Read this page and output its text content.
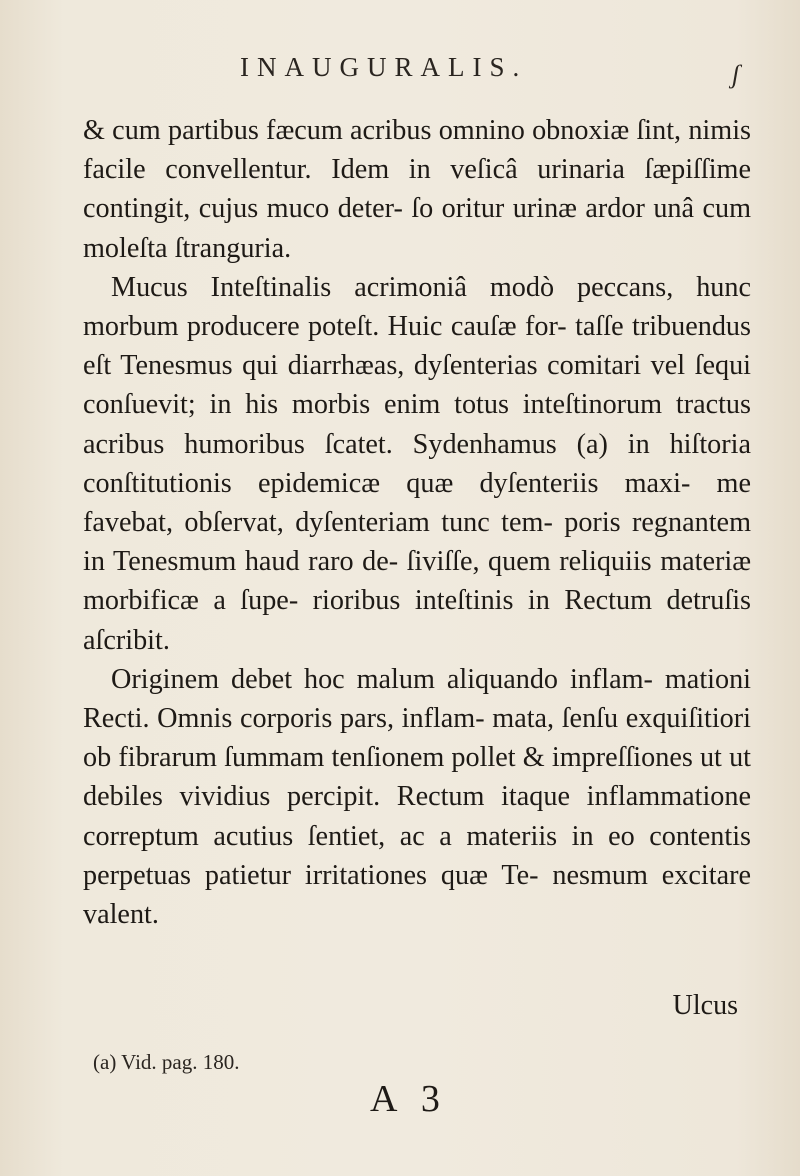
INAUGURALIS.	ʃ

& cum partibus fæcum acribus omnino obnoxiæ ſint, nimis facile convellentur. Idem in veſicâ urinaria ſæpiſſime contingit, cujus muco deter- ſo oritur urinæ ardor unâ cum moleſta ſtranguria.

Mucus Inteſtinalis acrimoniâ modò peccans, hunc morbum producere poteſt. Huic cauſæ for- taſſe tribuendus eſt Tenesmus qui diarrhæas, dyſenterias comitari vel ſequi conſuevit; in his morbis enim totus inteſtinorum tractus acribus humoribus ſcatet. Sydenhamus (a) in hiſtoria conſtitutionis epidemicæ quæ dyſenteriis maxi- me favebat, obſervat, dyſenteriam tunc tem- poris regnantem in Tenesmum haud raro de- ſiviſſe, quem reliquiis materiæ morbificæ a ſupe- rioribus inteſtinis in Rectum detruſis aſcribit.

Originem debet hoc malum aliquando inflam- mationi Recti. Omnis corporis pars, inflam- mata, ſenſu exquiſitiori ob fibrarum ſummam tenſionem pollet & impreſſiones ut ut debiles vividius percipit. Rectum itaque inflammatione correptum acutius ſentiet, ac a materiis in eo contentis perpetuas patietur irritationes quæ Te- nesmum excitare valent.

Ulcus
(a) Vid. pag. 180.
A 3
